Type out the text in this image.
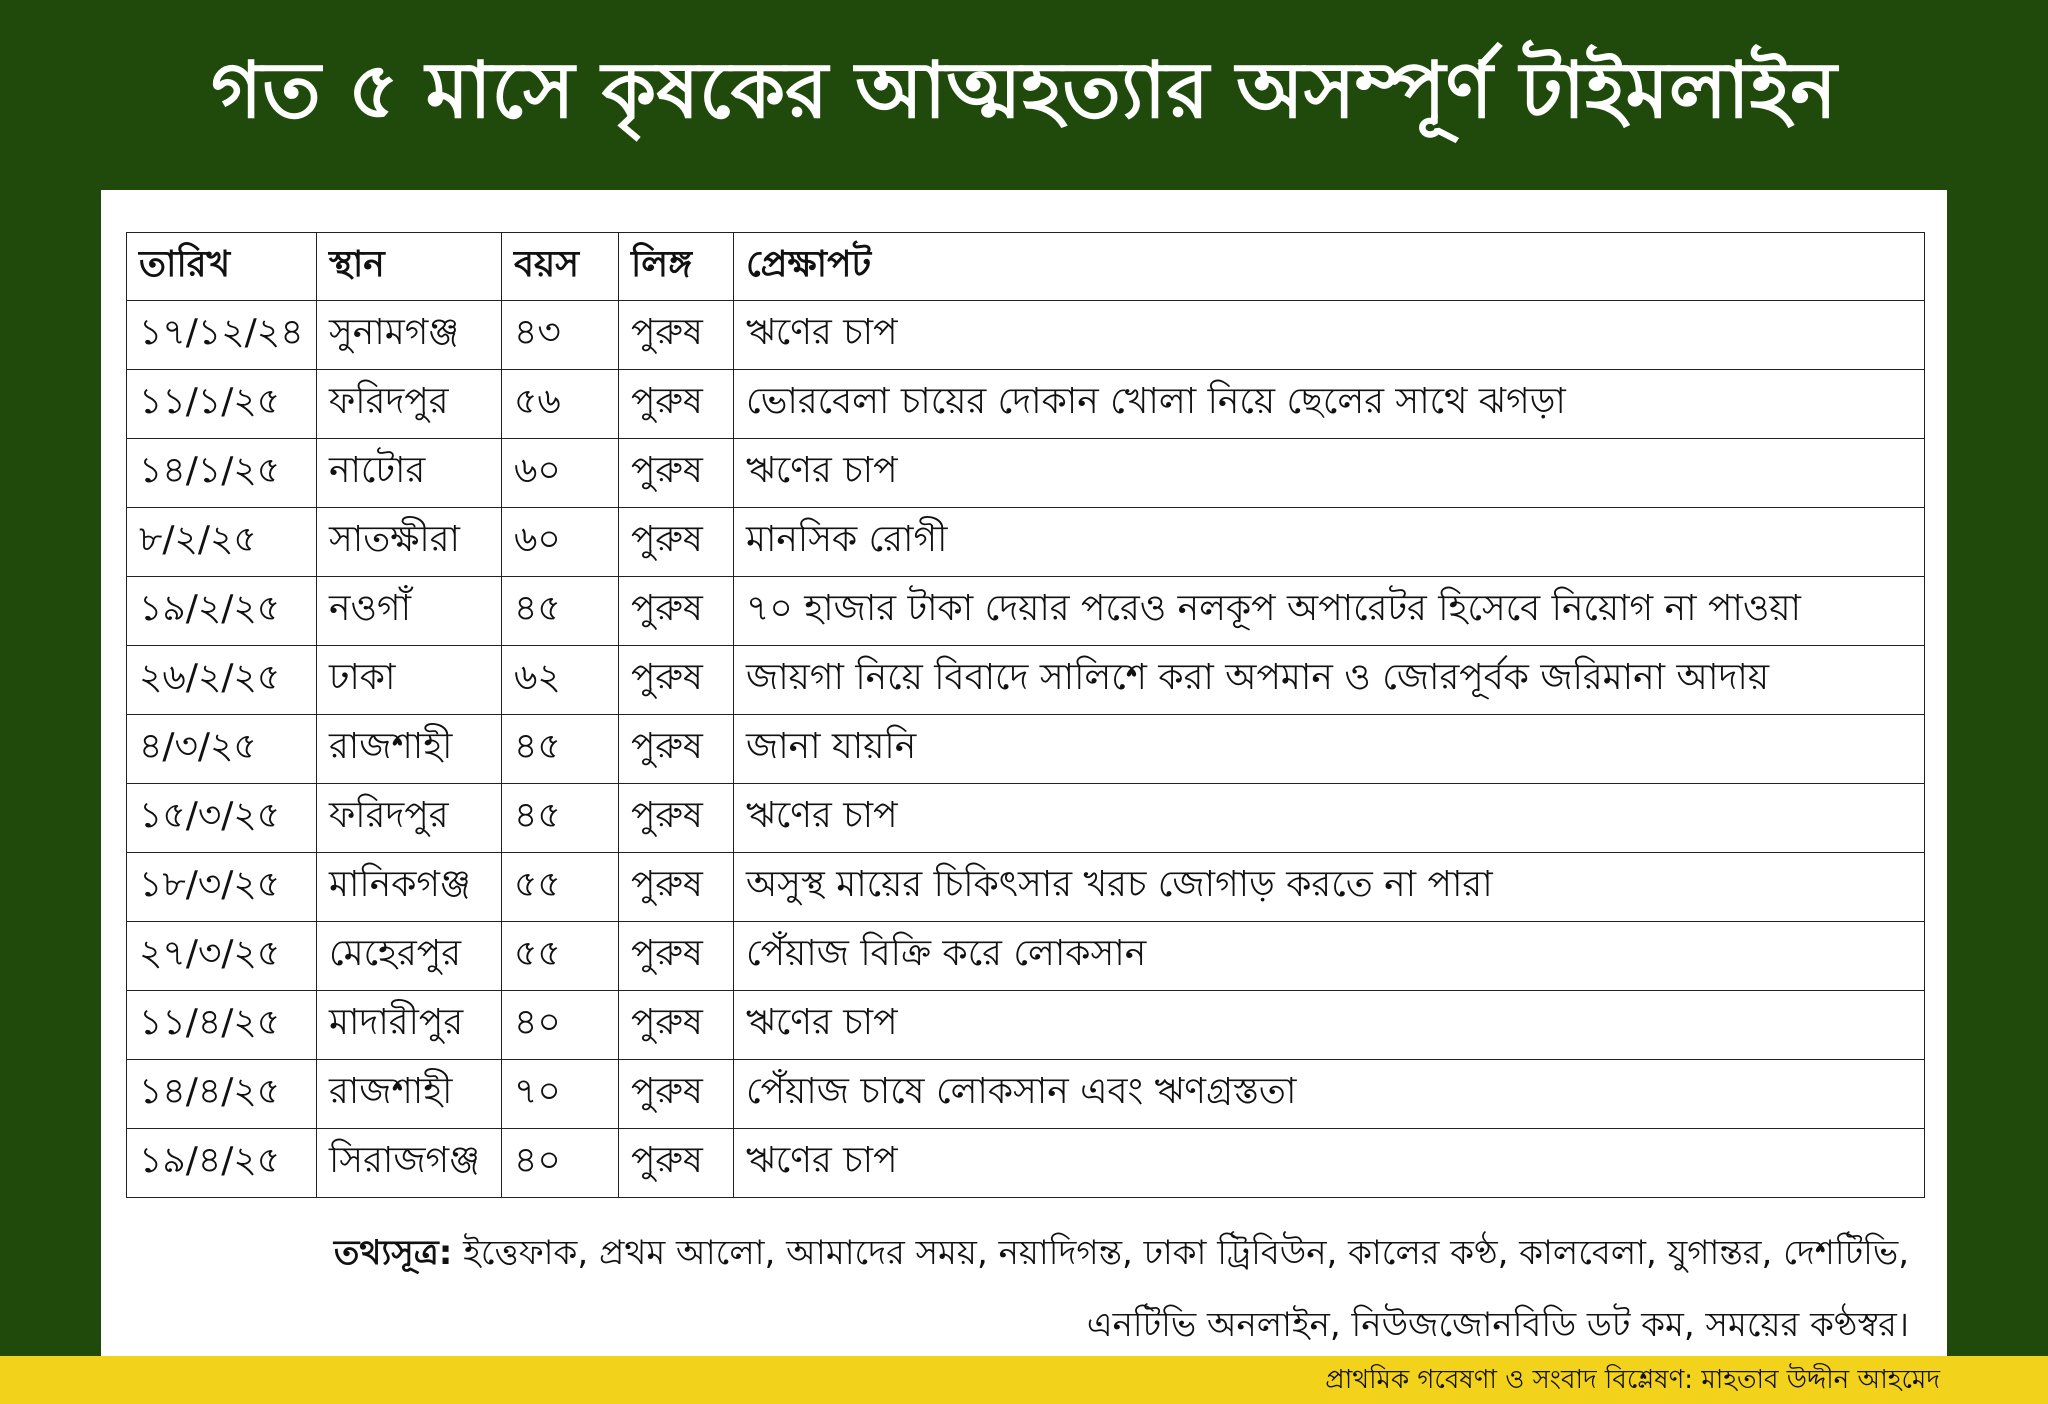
গত ৫ মাসে কৃষকের আত্মহত্যার অসম্পূর্ণ টাইমলাইন
তারিখ	স্থান	বয়স	লিঙ্গ	প্রেক্ষাপট
১৭/১২/২৪	সুনামগঞ্জ	৪৩	পুরুষ	ঋণের চাপ
১১/১/২৫	ফরিদপুর	৫৬	পুরুষ	ভোরবেলা চায়ের দোকান খোলা নিয়ে ছেলের সাথে ঝগড়া
১৪/১/২৫	নাটোর	৬০	পুরুষ	ঋণের চাপ
৮/২/২৫	সাতক্ষীরা	৬০	পুরুষ	মানসিক রোগী
১৯/২/২৫	নওগাঁ	৪৫	পুরুষ	৭০ হাজার টাকা দেয়ার পরেও নলকূপ অপারেটর হিসেবে নিয়োগ না পাওয়া
২৬/২/২৫	ঢাকা	৬২	পুরুষ	জায়গা নিয়ে বিবাদে সালিশে করা অপমান ও জোরপূর্বক জরিমানা আদায়
৪/৩/২৫	রাজশাহী	৪৫	পুরুষ	জানা যায়নি
১৫/৩/২৫	ফরিদপুর	৪৫	পুরুষ	ঋণের চাপ
১৮/৩/২৫	মানিকগঞ্জ	৫৫	পুরুষ	অসুস্থ মায়ের চিকিৎসার খরচ জোগাড় করতে না পারা
২৭/৩/২৫	মেহেরপুর	৫৫	পুরুষ	পেঁয়াজ বিক্রি করে লোকসান
১১/৪/২৫	মাদারীপুর	৪০	পুরুষ	ঋণের চাপ
১৪/৪/২৫	রাজশাহী	৭০	পুরুষ	পেঁয়াজ চাষে লোকসান এবং ঋণগ্রস্ততা
১৯/৪/২৫	সিরাজগঞ্জ	৪০	পুরুষ	ঋণের চাপ
তথ্যসূত্র: ইত্তেফাক, প্রথম আলো, আমাদের সময়, নয়াদিগন্ত, ঢাকা ট্রিবিউন, কালের কণ্ঠ, কালবেলা, যুগান্তর, দেশটিভি,
এনটিভি অনলাইন, নিউজজোনবিডি ডট কম, সময়ের কণ্ঠস্বর।
প্রাথমিক গবেষণা ও সংবাদ বিশ্লেষণ: মাহতাব উদ্দীন আহমেদ
